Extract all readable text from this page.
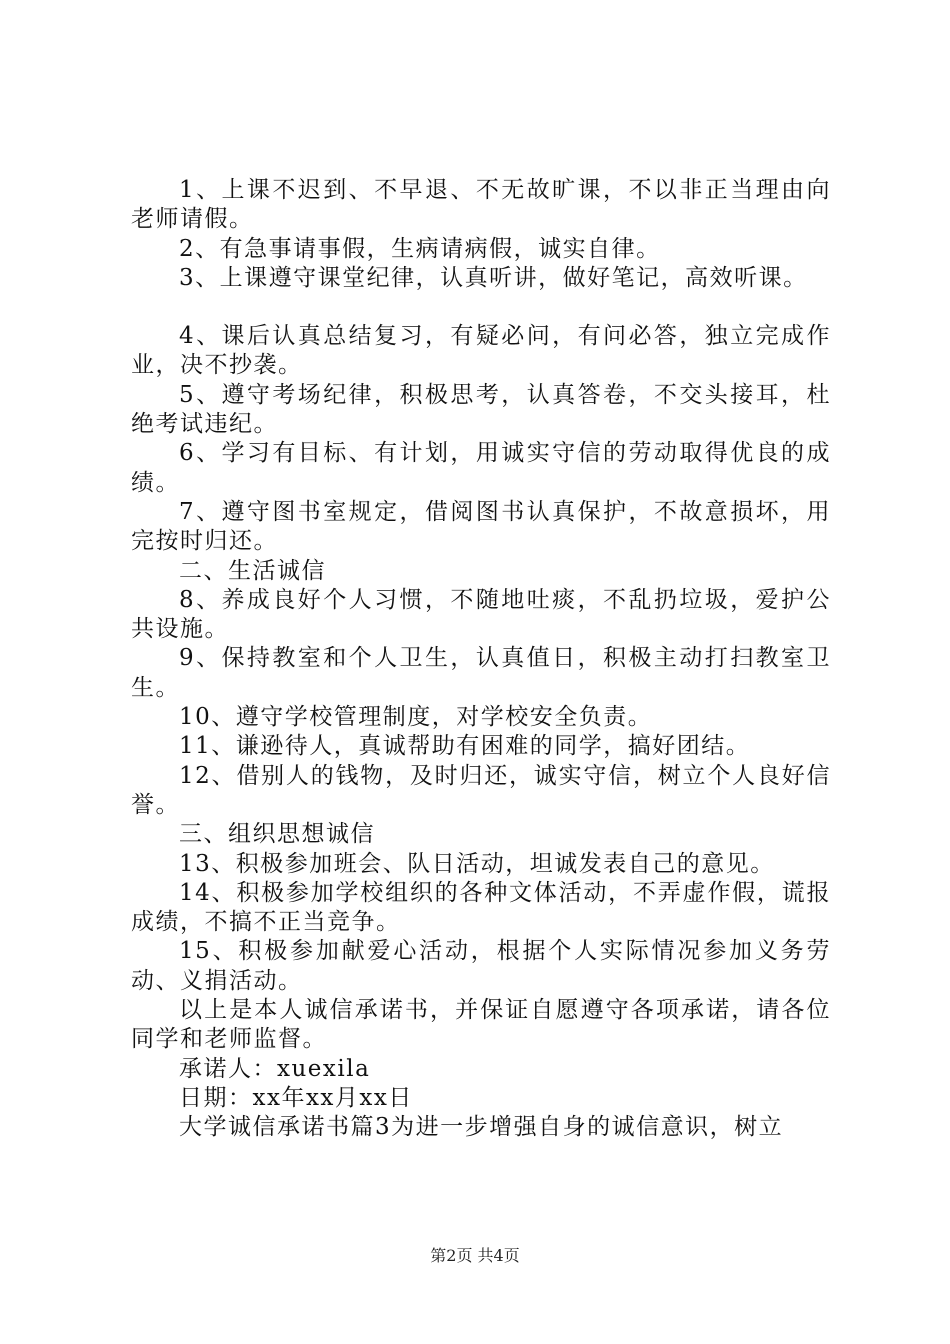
1、上课不迟到、不早退、不无故旷课，不以非正当理由向老师请假。

2、有急事请事假，生病请病假，诚实自律。

3、上课遵守课堂纪律，认真听讲，做好笔记，高效听课。

4、课后认真总结复习，有疑必问，有问必答，独立完成作业，决不抄袭。

5、遵守考场纪律，积极思考，认真答卷，不交头接耳，杜绝考试违纪。

6、学习有目标、有计划，用诚实守信的劳动取得优良的成绩。

7、遵守图书室规定，借阅图书认真保护，不故意损坏，用完按时归还。

二、生活诚信

8、养成良好个人习惯，不随地吐痰，不乱扔垃圾，爱护公共设施。

9、保持教室和个人卫生，认真值日，积极主动打扫教室卫生。

10、遵守学校管理制度，对学校安全负责。

11、谦逊待人，真诚帮助有困难的同学，搞好团结。

12、借别人的钱物，及时归还，诚实守信，树立个人良好信誉。

三、组织思想诚信

13、积极参加班会、队日活动，坦诚发表自己的意见。

14、积极参加学校组织的各种文体活动，不弄虚作假，谎报成绩，不搞不正当竞争。

15、积极参加献爱心活动，根据个人实际情况参加义务劳动、义捐活动。

以上是本人诚信承诺书，并保证自愿遵守各项承诺，请各位同学和老师监督。

承诺人：xuexila

日期：xx年xx月xx日

大学诚信承诺书篇3为进一步增强自身的诚信意识，树立

第2页 共4页
